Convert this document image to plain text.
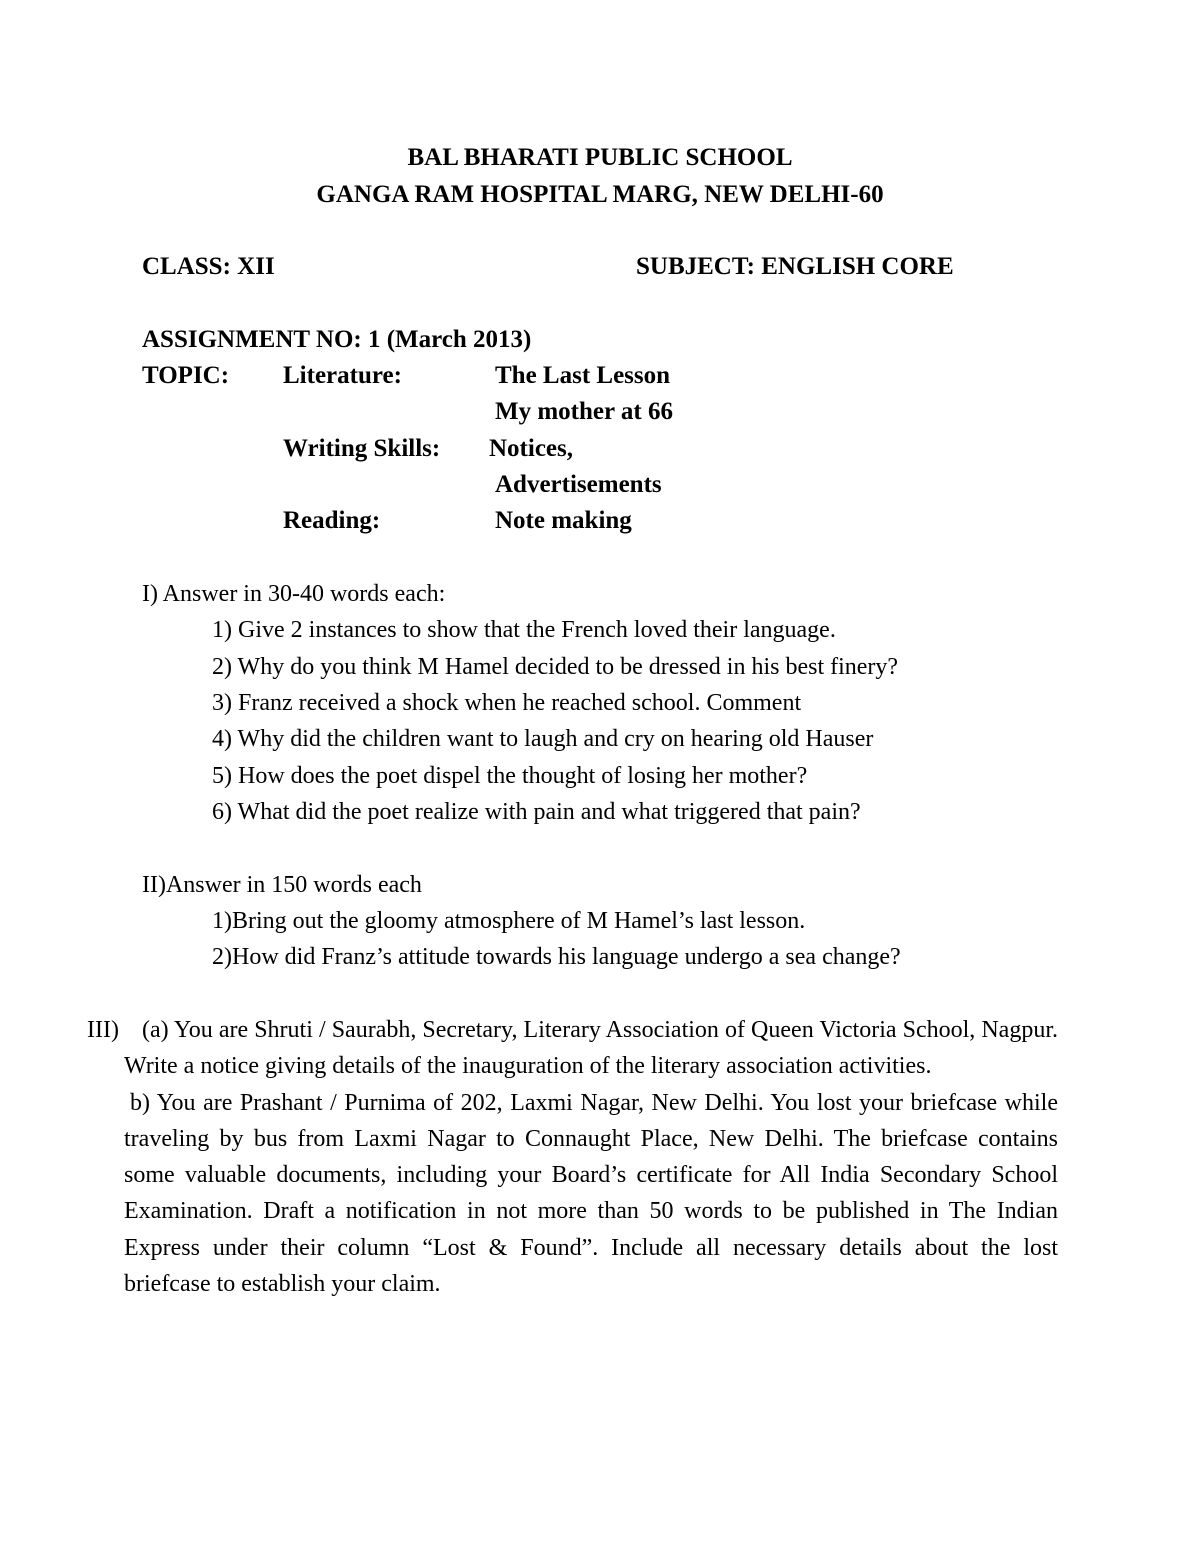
BAL BHARATI PUBLIC SCHOOL
GANGA RAM HOSPITAL MARG, NEW DELHI-60
CLASS: XII	SUBJECT: ENGLISH CORE
ASSIGNMENT NO: 1 (March 2013)
TOPIC: Literature:	The Last Lesson
My mother at 66
Writing Skills: Notices,
Advertisements
Reading:	Note making
I) Answer in 30-40 words each:
1) Give 2 instances to show that the French loved their language.
2) Why do you think M Hamel decided to be dressed in his best finery?
3) Franz received a shock when he reached school. Comment
4) Why did the children want to laugh and cry on hearing old Hauser
5) How does the poet dispel the thought of losing her mother?
6) What did the poet realize with pain and what triggered that pain?
II)Answer in 150 words each
1)Bring out the gloomy atmosphere of M Hamel’s last lesson.
2)How did Franz’s attitude towards his language undergo a sea change?
III) (a) You are Shruti / Saurabh, Secretary, Literary Association of Queen Victoria School, Nagpur. Write a notice giving details of the inauguration of the literary association activities.

b) You are Prashant / Purnima of 202, Laxmi Nagar, New Delhi. You lost your briefcase while traveling by bus from Laxmi Nagar to Connaught Place, New Delhi. The briefcase contains some valuable documents, including your Board’s certificate for All India Secondary School Examination. Draft a notification in not more than 50 words to be published in The Indian Express under their column “Lost & Found”. Include all necessary details about the lost briefcase to establish your claim.
